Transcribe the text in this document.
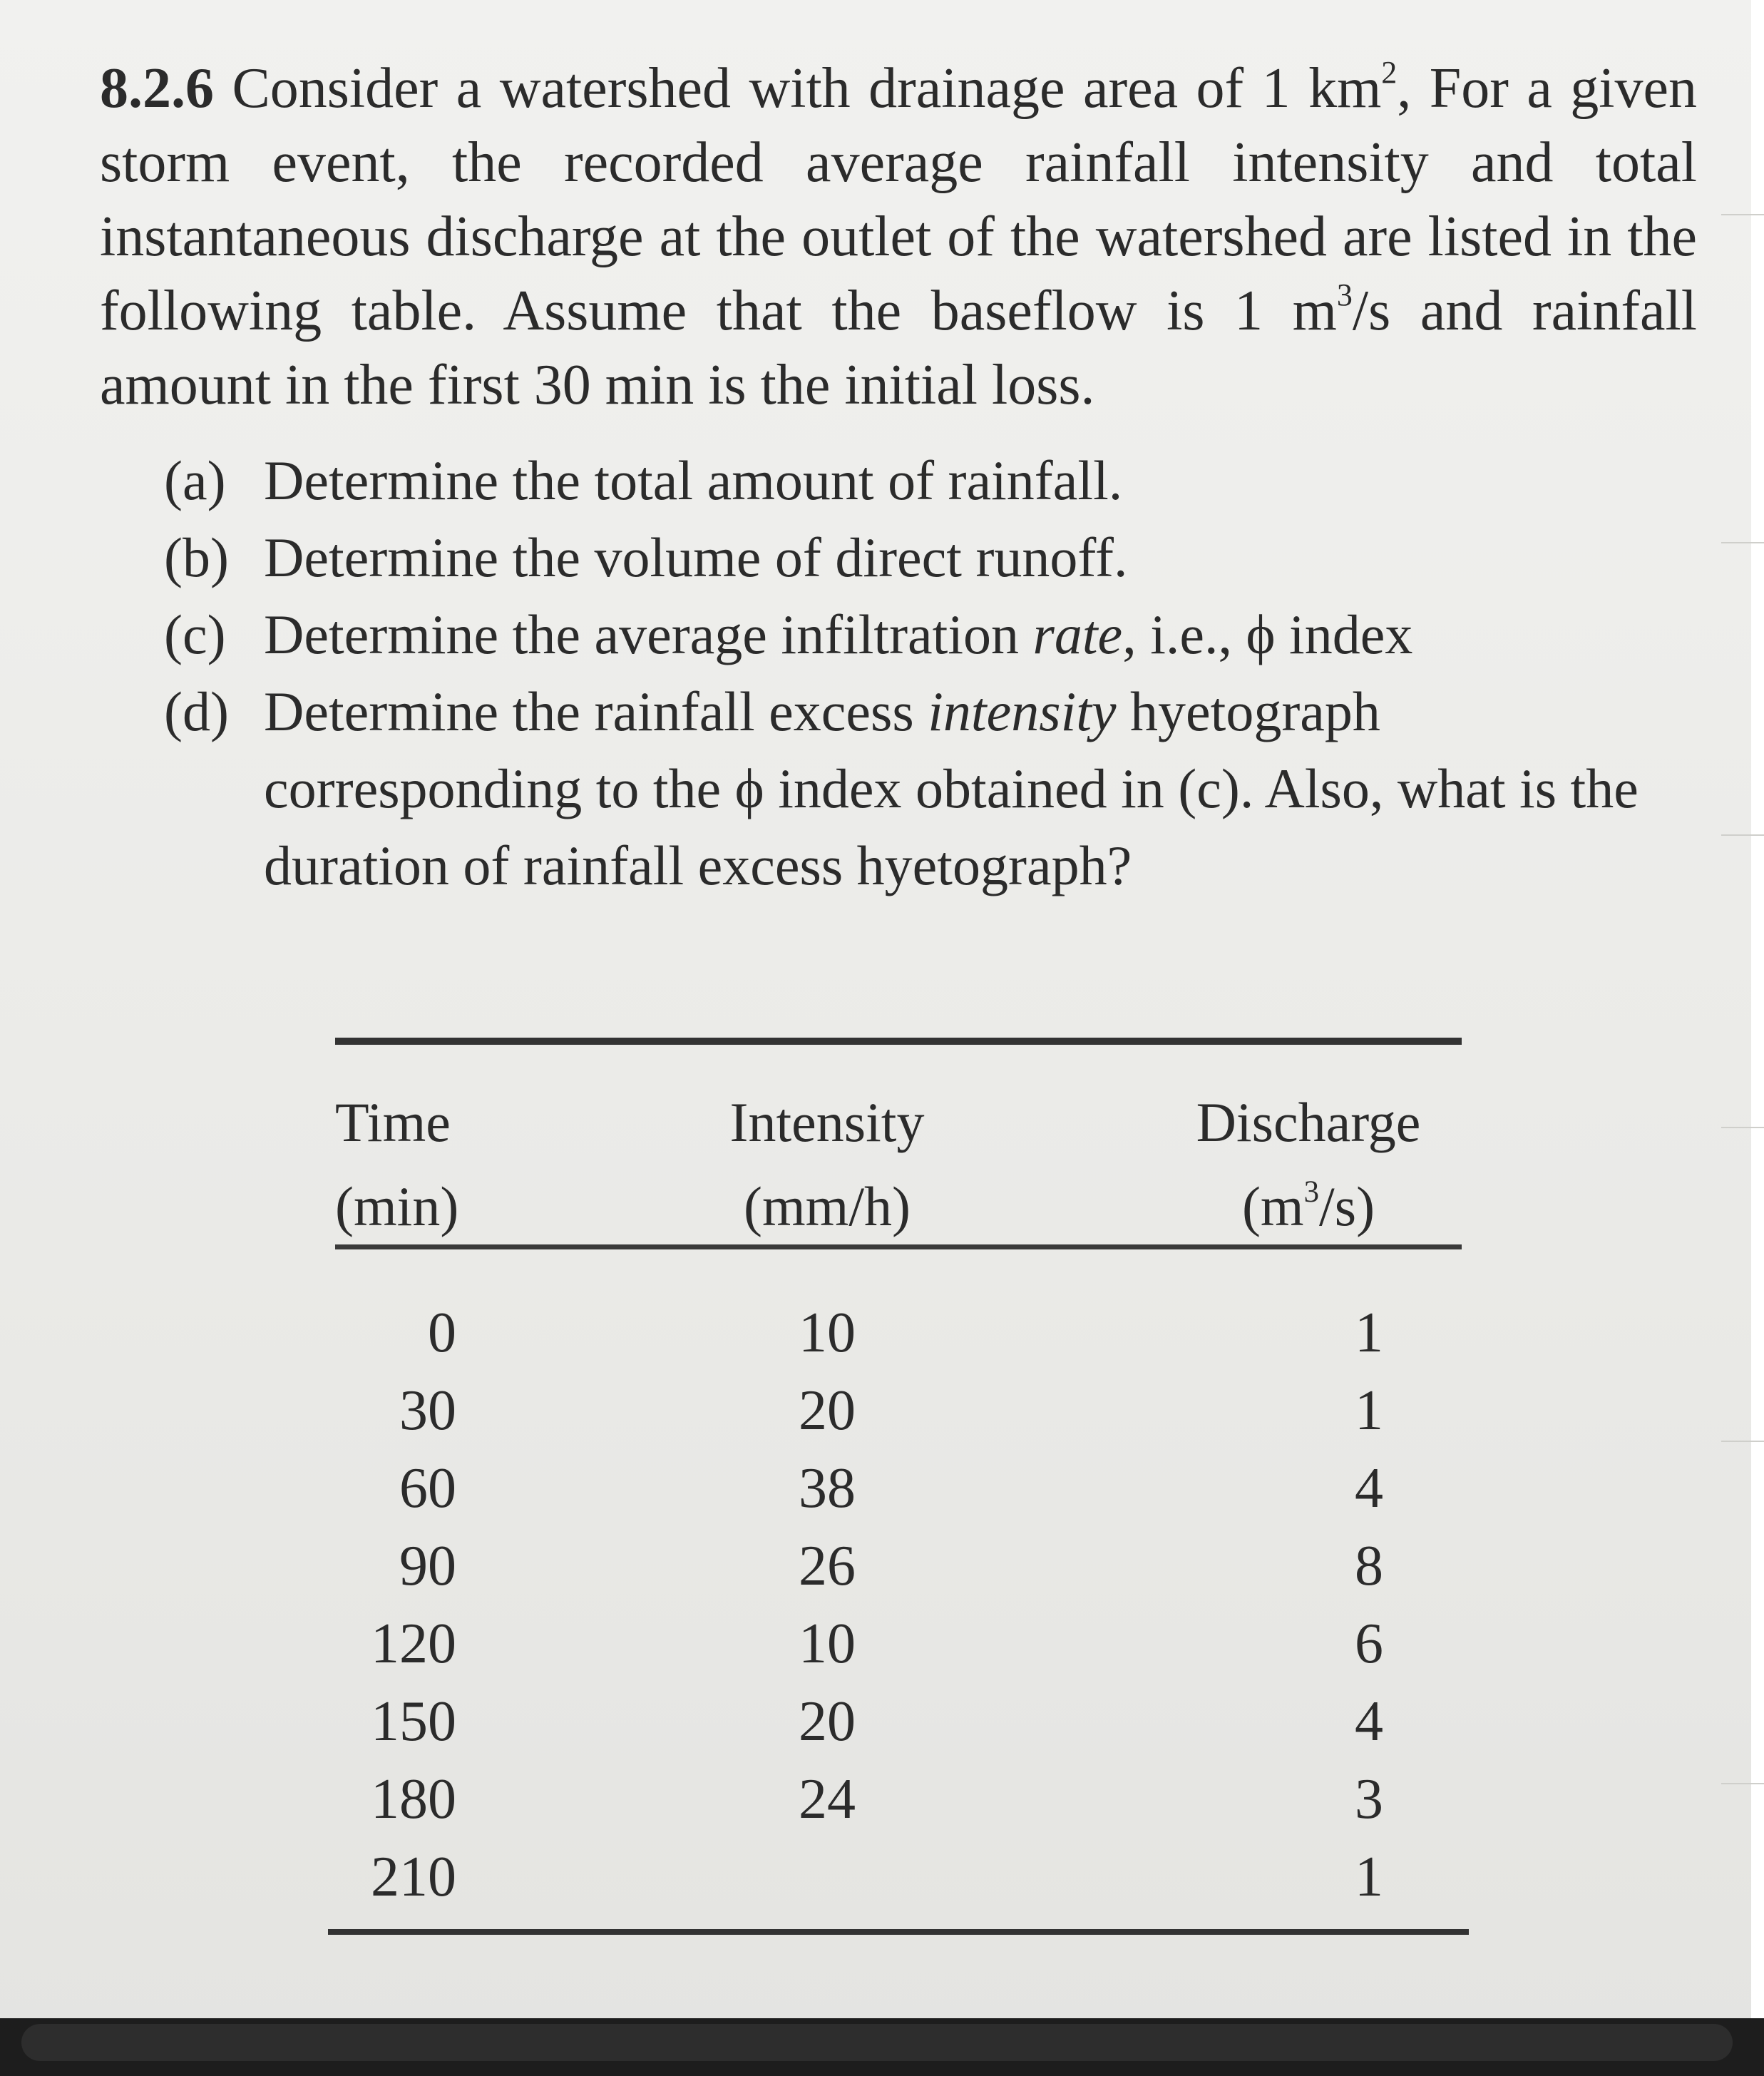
8.2.6 Consider a watershed with drainage area of 1 $km^2$, For a given storm event, the recorded average rainfall intensity and total instantaneous discharge at the outlet of the watershed are listed in the following table. Assume that the baseflow is 1 $m^3/s$ and rainfall amount in the first 30 min is the initial loss.
(a) Determine the total amount of rainfall.
(b) Determine the volume of direct runoff.
(c) Determine the average infiltration rate, i.e., ϕ index
(d) Determine the rainfall excess intensity hyetograph corresponding to the ϕ index obtained in (c). Also, what is the duration of rainfall excess hyetograph?
Time
(min)
Intensity
(mm/h)
Discharge
$(m^3/s)$
0
30
60
90
120
150
180
210
10
20
38
26
10
20
24
1
1
4
8
6
4
3
1
